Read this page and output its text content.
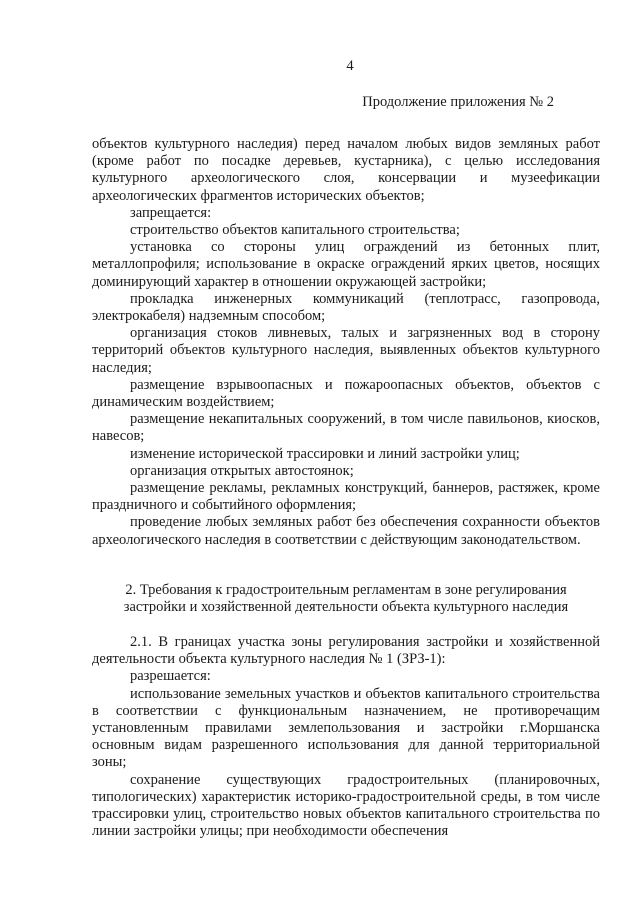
4
Продолжение приложения № 2

объектов культурного наследия) перед началом любых видов земляных работ (кроме работ по посадке деревьев, кустарника), с целью исследования культурного археологического слоя, консервации и музеефикации археологических фрагментов исторических объектов;

запрещается:

строительство объектов капитального строительства;

установка со стороны улиц ограждений из бетонных плит, металлопрофиля; использование в окраске ограждений ярких цветов, носящих доминирующий характер в отношении окружающей застройки;

прокладка инженерных коммуникаций (теплотрасс, газопровода, электрокабеля) надземным способом;

организация стоков ливневых, талых и загрязненных вод в сторону территорий объектов культурного наследия, выявленных объектов культурного наследия;

размещение взрывоопасных и пожароопасных объектов, объектов с динамическим воздействием;

размещение некапитальных сооружений, в том числе павильонов, киосков, навесов;

изменение исторической трассировки и линий застройки улиц;

организация открытых автостоянок;

размещение рекламы, рекламных конструкций, баннеров, растяжек, кроме праздничного и событийного оформления;

проведение любых земляных работ без обеспечения сохранности объектов археологического наследия в соответствии с действующим законодательством.

2. Требования к градостроительным регламентам в зоне регулирования

застройки и хозяйственной деятельности объекта культурного наследия

2.1. В границах участка зоны регулирования застройки и хозяйственной деятельности объекта культурного наследия № 1 (ЗРЗ-1):

разрешается:

использование земельных участков и объектов капитального строительства в соответствии с функциональным назначением, не противоречащим установленным правилами землепользования и застройки г.Моршанска основным видам разрешенного использования для данной территориальной зоны;

сохранение существующих градостроительных (планировочных, типологических) характеристик историко-градостроительной среды, в том числе трассировки улиц, строительство новых объектов капитального строительства по линии застройки улицы; при необходимости обеспечения
